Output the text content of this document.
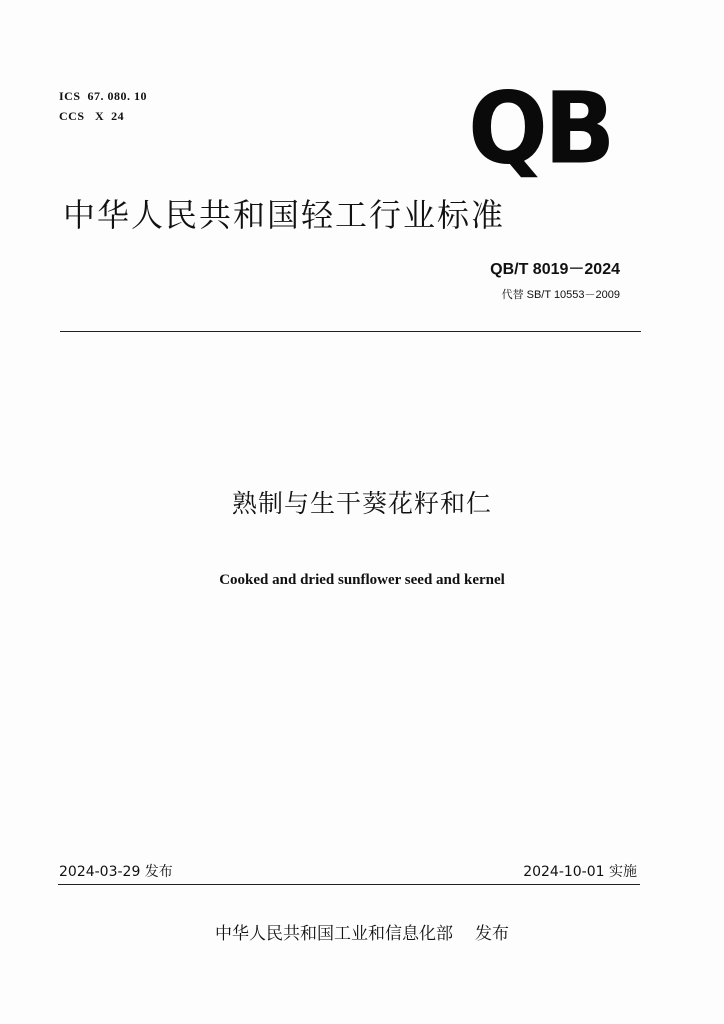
ICS  67. 080. 10
CCS   X  24	QB
中华人民共和国轻工行业标准
QB/T 8019－2024
代替 SB/T 10553－2009
熟制与生干葵花籽和仁
Cooked and dried sunflower seed and kernel
2024-03-29 发布	2024-10-01 实施
中华人民共和国工业和信息化部 发布
